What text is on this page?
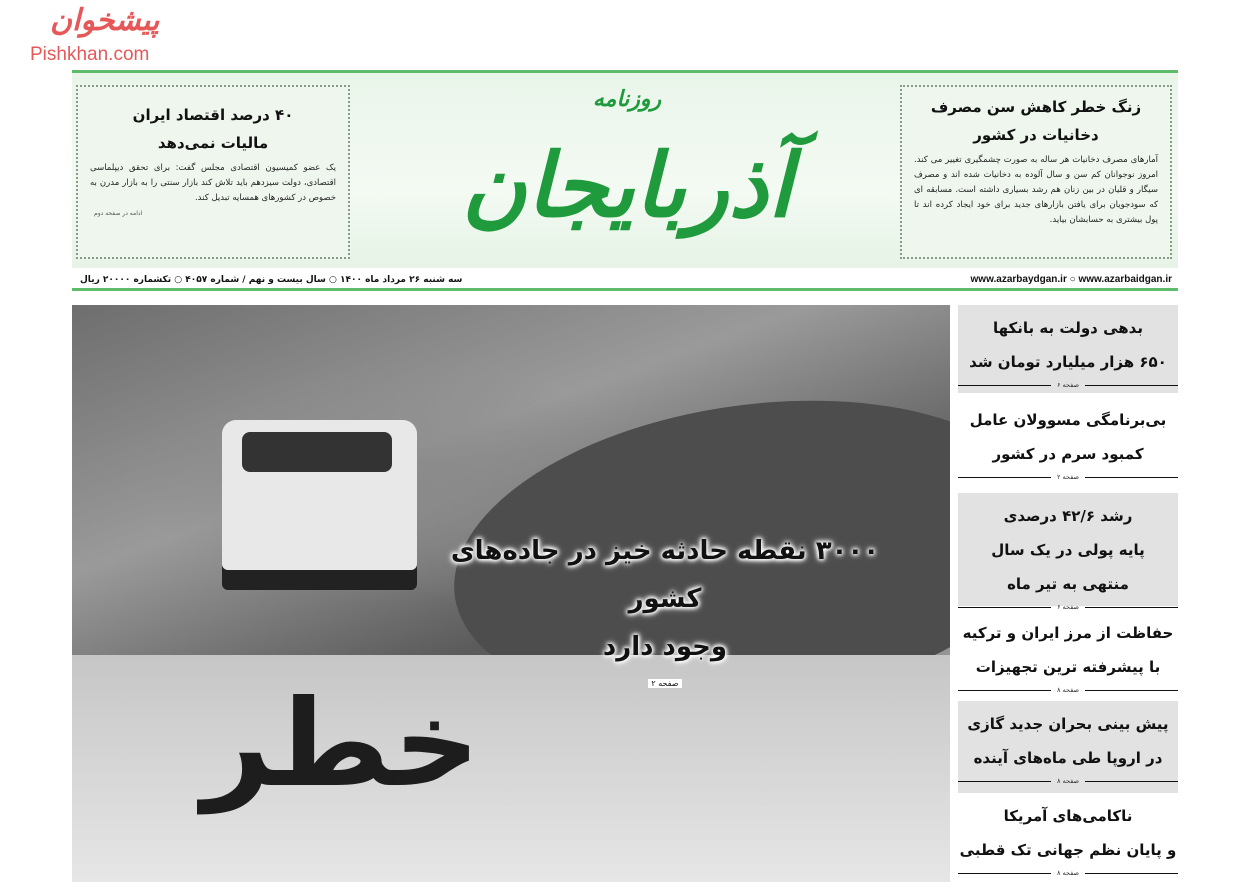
پیشخوان
Pishkhan.com
زنگ خطر کاهش سن مصرف دخانیات در کشور

آمارهای مصرف دخانیات هر ساله به صورت چشمگیری تغییر می کند. امروز نوجوانان کم سن و سال آلوده به دخانیات شده اند و مصرف سیگار و قلیان در بین زنان هم رشد بسیاری داشته است. مسابقه ای که سودجویان برای یافتن بازارهای جدید برای خود ایجاد کرده اند تا پول بیشتری به حسابشان بیاید.

روزنامه
آذربایجان
۴۰ درصد اقتصاد ایران
مالیات نمی‌دهد

یک عضو کمیسیون اقتصادی مجلس گفت: برای تحقق دیپلماسی اقتصادی، دولت سیزدهم باید تلاش کند بازار سنتی را به بازار مدرن به خصوص در کشورهای همسایه تبدیل کند.

ادامه در صفحه دوم
سه شنبه ۲۶ مرداد ماه ۱۴۰۰ ○ سال بیست و نهم / شماره ۴۰۵۷ ○ تکشماره ۲۰۰۰۰ ریال	www.azarbaydgan.ir ○ www.azarbaidgan.ir
خطر
۳۰۰۰ نقطه حادثه خیز در جاده‌های کشور
وجود دارد
صفحه ۲
بدهی دولت به بانکها
۶۵۰ هزار میلیارد تومان شد
صفحه ۶
بی‌برنامگی مسوولان عامل
کمبود سرم در کشور
صفحه ۲
رشد ۴۲/۶ درصدی
پایه پولی در یک سال
منتهی به تیر ماه
صفحه ۶
حفاظت از مرز ایران و ترکیه
با پیشرفته ترین تجهیزات
صفحه ۸
پیش بینی بحران جدید گازی
در اروپا طی ماه‌های آینده
صفحه ۸
ناکامی‌های آمریکا
و پایان نظم جهانی تک قطبی
صفحه ۸
